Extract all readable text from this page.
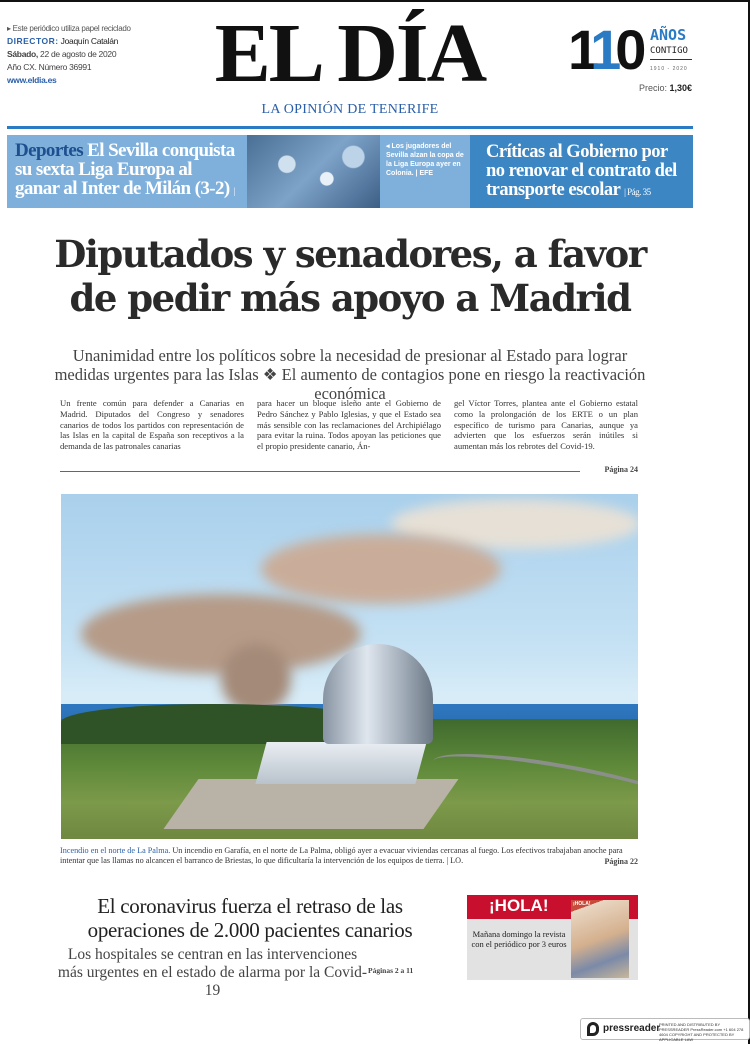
▸ Este periódico utiliza papel reciclado
DIRECTOR: Joaquín Catalán
Sábado, 22 de agosto de 2020
Año CX. Número 36991
www.eldia.es	EL DÍA
LA OPINIÓN DE TENERIFE
110 AÑOS
CONTIGO
1910 - 2020
Precio: 1,30€
Deportes El Sevilla conquista su sexta Liga Europa al ganar al Inter de Milán (3-2) | Pág. 47
◂ Los jugadores del Sevilla alzan la copa de la Liga Europa ayer en Colonia. | EFE
Críticas al Gobierno por no renovar el contrato del transporte escolar | Pág. 35
Diputados y senadores, a favor de pedir más apoyo a Madrid
Unanimidad entre los políticos sobre la necesidad de presionar al Estado para lograr medidas urgentes para las Islas ❖ El aumento de contagios pone en riesgo la reactivación económica

Un frente común para defender a Canarias en Madrid. Diputados del Congreso y senadores canarios de todos los partidos con representación de las Islas en la capital de España son receptivos a la demanda de las patronales canarias

para hacer un bloque isleño ante el Gobierno de Pedro Sánchez y Pablo Iglesias, y que el Estado sea más sensible con las reclamaciones del Archipiélago para evitar la ruina. Todos apoyan las peticiones que el propio presidente canario, Án-

gel Víctor Torres, plantea ante el Gobierno estatal como la prolongación de los ERTE o un plan específico de turismo para Canarias, aunque ya advierten que los esfuerzos serán inútiles si aumentan más los rebrotes del Covid-19.

Página 24
Incendio en el norte de La Palma. Un incendio en Garafía, en el norte de La Palma, obligó ayer a evacuar viviendas cercanas al fuego. Los efectivos trabajaban anoche para intentar que las llamas no alcancen el barranco de Briestas, lo que dificultaría la intervención de los equipos de tierra. | LO.	Página 22
El coronavirus fuerza el retraso de las operaciones de 2.000 pacientes canarios
Los hospitales se centran en las intervenciones más urgentes en el estado de alarma por la Covid-19
Páginas 2 a 11
¡HOLA!
Mañana domingo la revista con el periódico por 3 euros
¡HOLA!
pressreader
PRINTED AND DISTRIBUTED BY PRESSREADER PressReader.com +1 604 278 4604 COPYRIGHT AND PROTECTED BY APPLICABLE LAW
